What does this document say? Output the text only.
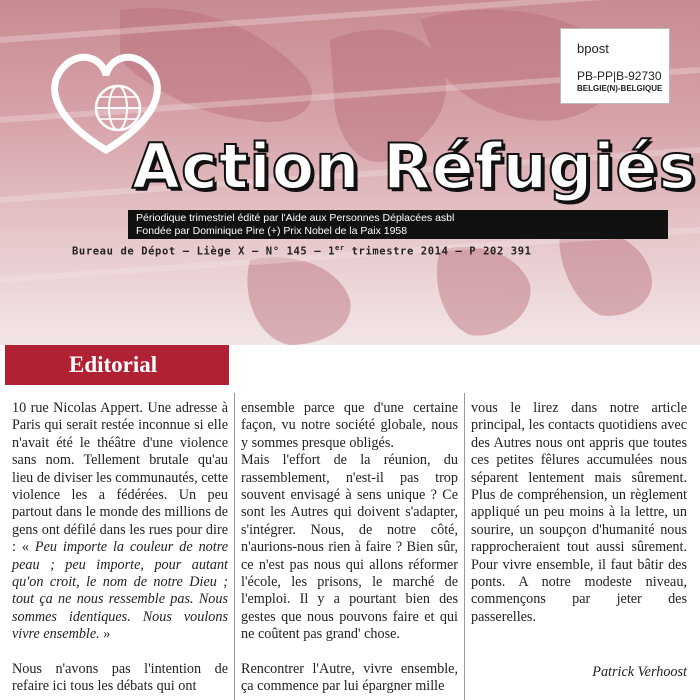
bpost
PB-PP|B-92730
BELGIE(N)-BELGIQUE
Action Réfugiés
Périodique trimestriel édité par l'Aide aux Personnes Déplacées asbl
Fondée par Dominique Pire (+) Prix Nobel de la Paix 1958
Bureau de Dépot – Liège X – N° 145 – 1er trimestre 2014 – P 202 391
Editorial

10 rue Nicolas Appert. Une adresse à Paris qui serait restée inconnue si elle n'avait été le théâtre d'une violence sans nom. Tellement brutale qu'au lieu de diviser les communautés, cette violence les a fédérées. Un peu partout dans le monde des millions de gens ont défilé dans les rues pour dire : « Peu importe la couleur de notre peau ; peu importe, pour autant qu'on croit, le nom de notre Dieu ; tout ça ne nous ressemble pas. Nous sommes identiques. Nous voulons vivre ensemble. »

Nous n'avons pas l'intention de refaire ici tous les débats qui ont

ensemble parce que d'une certaine façon, vu notre société globale, nous y sommes presque obligés.

Mais l'effort de la réunion, du rassemblement, n'est-il pas trop souvent envisagé à sens unique ? Ce sont les Autres qui doivent s'adapter, s'intégrer. Nous, de notre côté, n'aurions-nous rien à faire ? Bien sûr, ce n'est pas nous qui allons réformer l'école, les prisons, le marché de l'emploi. Il y a pourtant bien des gestes que nous pouvons faire et qui ne coûtent pas grand' chose.

Rencontrer l'Autre, vivre ensemble, ça commence par lui épargner mille

vous le lirez dans notre article principal, les contacts quotidiens avec des Autres nous ont appris que toutes ces petites fêlures accumulées nous séparent lentement mais sûrement. Plus de compréhension, un règlement appliqué un peu moins à la lettre, un sourire, un soupçon d'humanité nous rapprocheraient tout aussi sûrement. Pour vivre ensemble, il faut bâtir des ponts. A notre modeste niveau, commençons par jeter des passerelles.

Patrick Verhoost
